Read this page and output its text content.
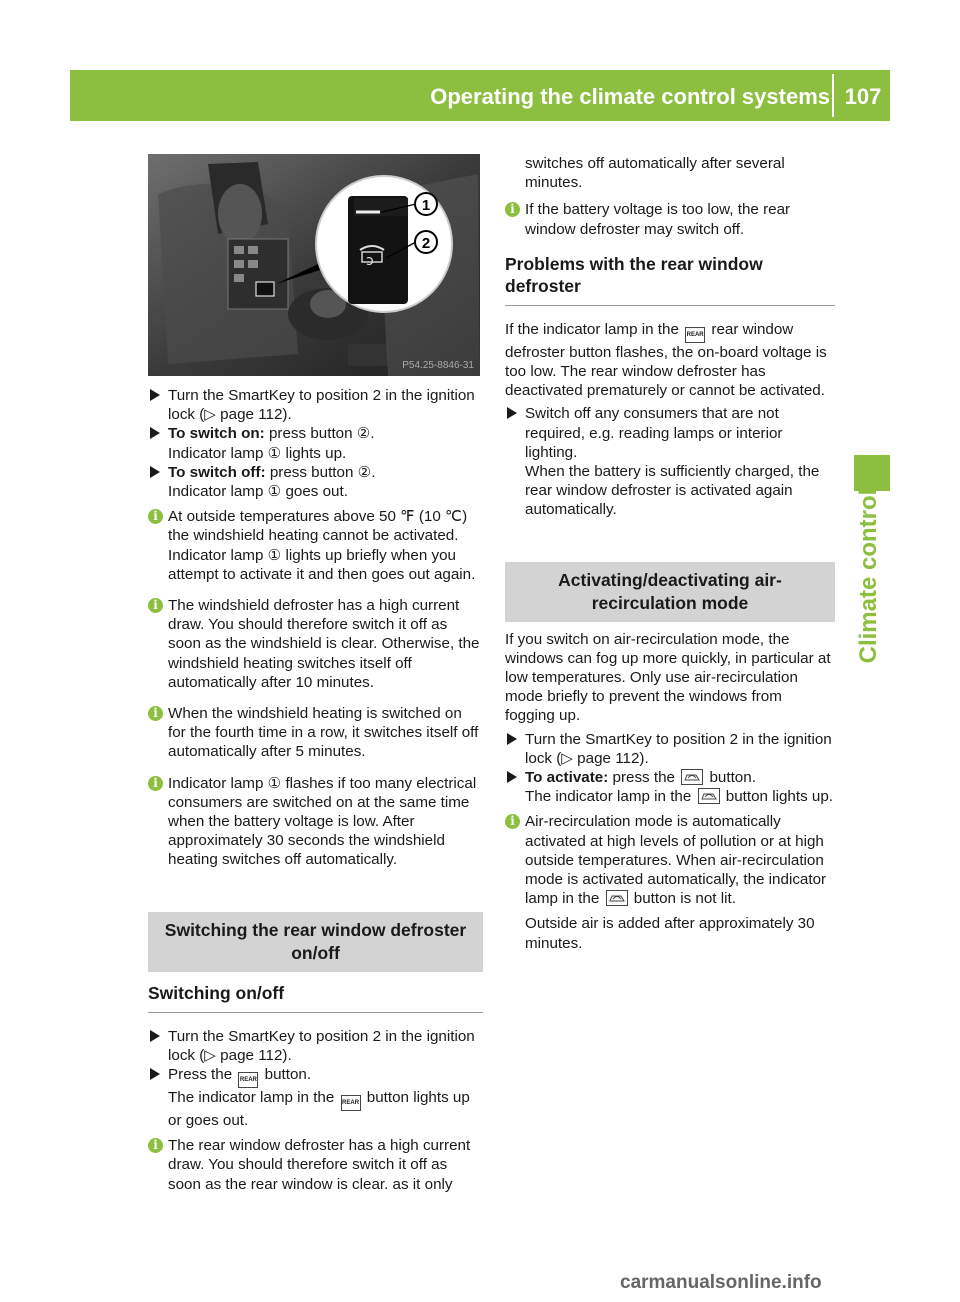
Operating the climate control systems 107
Climate control
ↄ
1
2
P54.25-8846-31

Turn the SmartKey to position 2 in the ignition lock (▷ page 112).

To switch on: press button ②.
Indicator lamp ① lights up.

To switch off: press button ②.
Indicator lamp ① goes out.

i At outside temperatures above 50 ℉ (10 ℃) the windshield heating cannot be activated. Indicator lamp ① lights up briefly when you attempt to activate it and then goes out again.

i The windshield defroster has a high current draw. You should therefore switch it off as soon as the windshield is clear. Otherwise, the windshield heating switches itself off automatically after 10 minutes.

i When the windshield heating is switched on for the fourth time in a row, it switches itself off automatically after 5 minutes.

i Indicator lamp ① flashes if too many electrical consumers are switched on at the same time when the battery voltage is low. After approximately 30 seconds the windshield heating switches off automatically.

Switching the rear window defroster on/off
Switching on/off

Turn the SmartKey to position 2 in the ignition lock (▷ page 112).

Press the REAR button.
The indicator lamp in the REAR button lights up or goes out.

i The rear window defroster has a high current draw. You should therefore switch it off as soon as the rear window is clear. as it only

switches off automatically after several minutes.

i If the battery voltage is too low, the rear window defroster may switch off.

Problems with the rear window defroster

If the indicator lamp in the REAR rear window defroster button flashes, the on-board voltage is too low. The rear window defroster has deactivated prematurely or cannot be activated.

Switch off any consumers that are not required, e.g. reading lamps or interior lighting.
When the battery is sufficiently charged, the rear window defroster is activated again automatically.

Activating/deactivating air-recirculation mode

If you switch on air-recirculation mode, the windows can fog up more quickly, in particular at low temperatures. Only use air-recirculation mode briefly to prevent the windows from fogging up.

Turn the SmartKey to position 2 in the ignition lock (▷ page 112).

To activate: press the button.
The indicator lamp in the button lights up.

i Air-recirculation mode is automatically activated at high levels of pollution or at high outside temperatures. When air-recirculation mode is activated automatically, the indicator lamp in the button is not lit.

Outside air is added after approximately 30 minutes.

carmanualsonline.info
